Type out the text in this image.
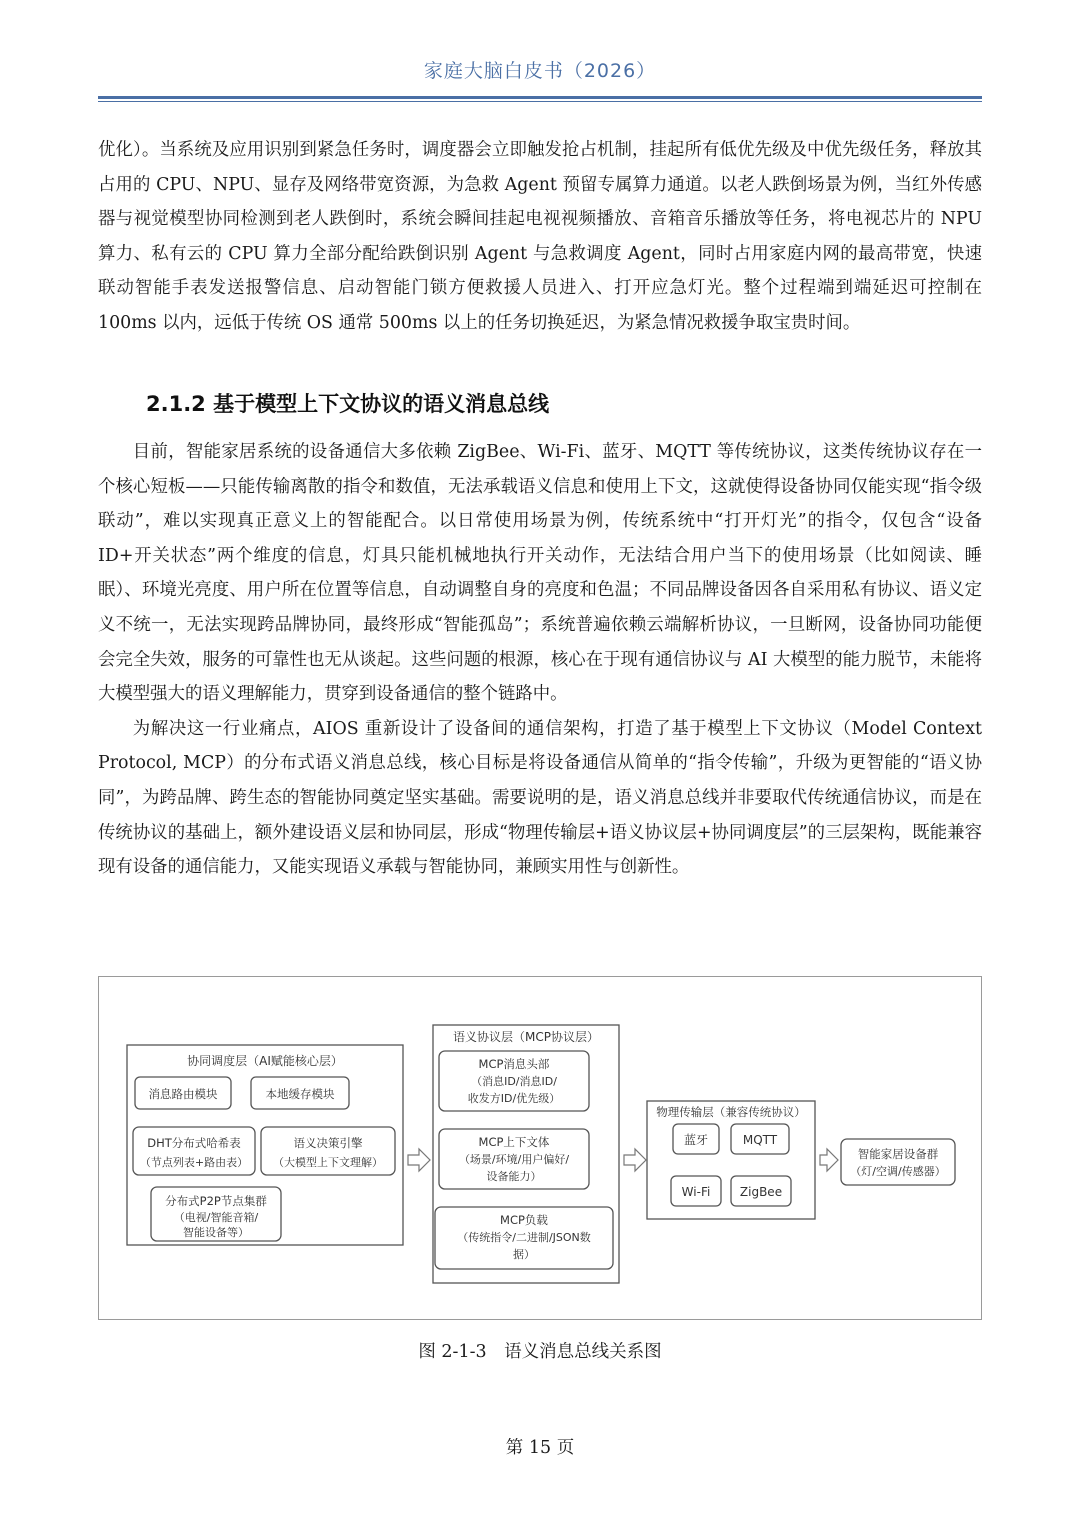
家庭大脑白皮书（2026）

优化）。当系统及应用识别到紧急任务时，调度器会立即触发抢占机制，挂起所有低优先级及中优先级任务，释放其占用的 CPU、NPU、显存及网络带宽资源，为急救 Agent 预留专属算力通道。以老人跌倒场景为例，当红外传感器与视觉模型协同检测到老人跌倒时，系统会瞬间挂起电视视频播放、音箱音乐播放等任务，将电视芯片的 NPU 算力、私有云的 CPU 算力全部分配给跌倒识别 Agent 与急救调度 Agent，同时占用家庭内网的最高带宽，快速联动智能手表发送报警信息、启动智能门锁方便救援人员进入、打开应急灯光。整个过程端到端延迟可控制在 100ms 以内，远低于传统 OS 通常 500ms 以上的任务切换延迟，为紧急情况救援争取宝贵时间。

2.1.2 基于模型上下文协议的语义消息总线

目前，智能家居系统的设备通信大多依赖 ZigBee、Wi-Fi、蓝牙、MQTT 等传统协议，这类传统协议存在一个核心短板——只能传输离散的指令和数值，无法承载语义信息和使用上下文，这就使得设备协同仅能实现“指令级联动”，难以实现真正意义上的智能配合。以日常使用场景为例，传统系统中“打开灯光”的指令，仅包含“设备 ID+开关状态”两个维度的信息，灯具只能机械地执行开关动作，无法结合用户当下的使用场景（比如阅读、睡眠）、环境光亮度、用户所在位置等信息，自动调整自身的亮度和色温；不同品牌设备因各自采用私有协议、语义定义不统一，无法实现跨品牌协同，最终形成“智能孤岛”；系统普遍依赖云端解析协议，一旦断网，设备协同功能便会完全失效，服务的可靠性也无从谈起。这些问题的根源，核心在于现有通信协议与 AI 大模型的能力脱节，未能将大模型强大的语义理解能力，贯穿到设备通信的整个链路中。

为解决这一行业痛点，AIOS 重新设计了设备间的通信架构，打造了基于模型上下文协议（Model Context Protocol, MCP）的分布式语义消息总线，核心目标是将设备通信从简单的“指令传输”，升级为更智能的“语义协同”，为跨品牌、跨生态的智能协同奠定坚实基础。需要说明的是，语义消息总线并非要取代传统通信协议，而是在传统协议的基础上，额外建设语义层和协同层，形成“物理传输层+语义协议层+协同调度层”的三层架构，既能兼容现有设备的通信能力，又能实现语义承载与智能协同，兼顾实用性与创新性。

协同调度层（AI赋能核心层）
消息路由模块	本地缓存模块
DHT分布式哈希表
（节点列表+路由表）
语义决策引擎
（大模型上下文理解）
分布式P2P节点集群
（电视/智能音箱/
智能设备等）
语义协议层（MCP协议层）
MCP消息头部
（消息ID/消息ID/
收发方ID/优先级）
MCP上下文体
（场景/环境/用户偏好/
设备能力）
MCP负载
（传统指令/二进制/JSON数
据）
物理传输层（兼容传统协议）
蓝牙	MQTT
Wi-Fi ZigBee
智能家居设备群
（灯/空调/传感器）
图 2-1-3　语义消息总线关系图
第 15 页
